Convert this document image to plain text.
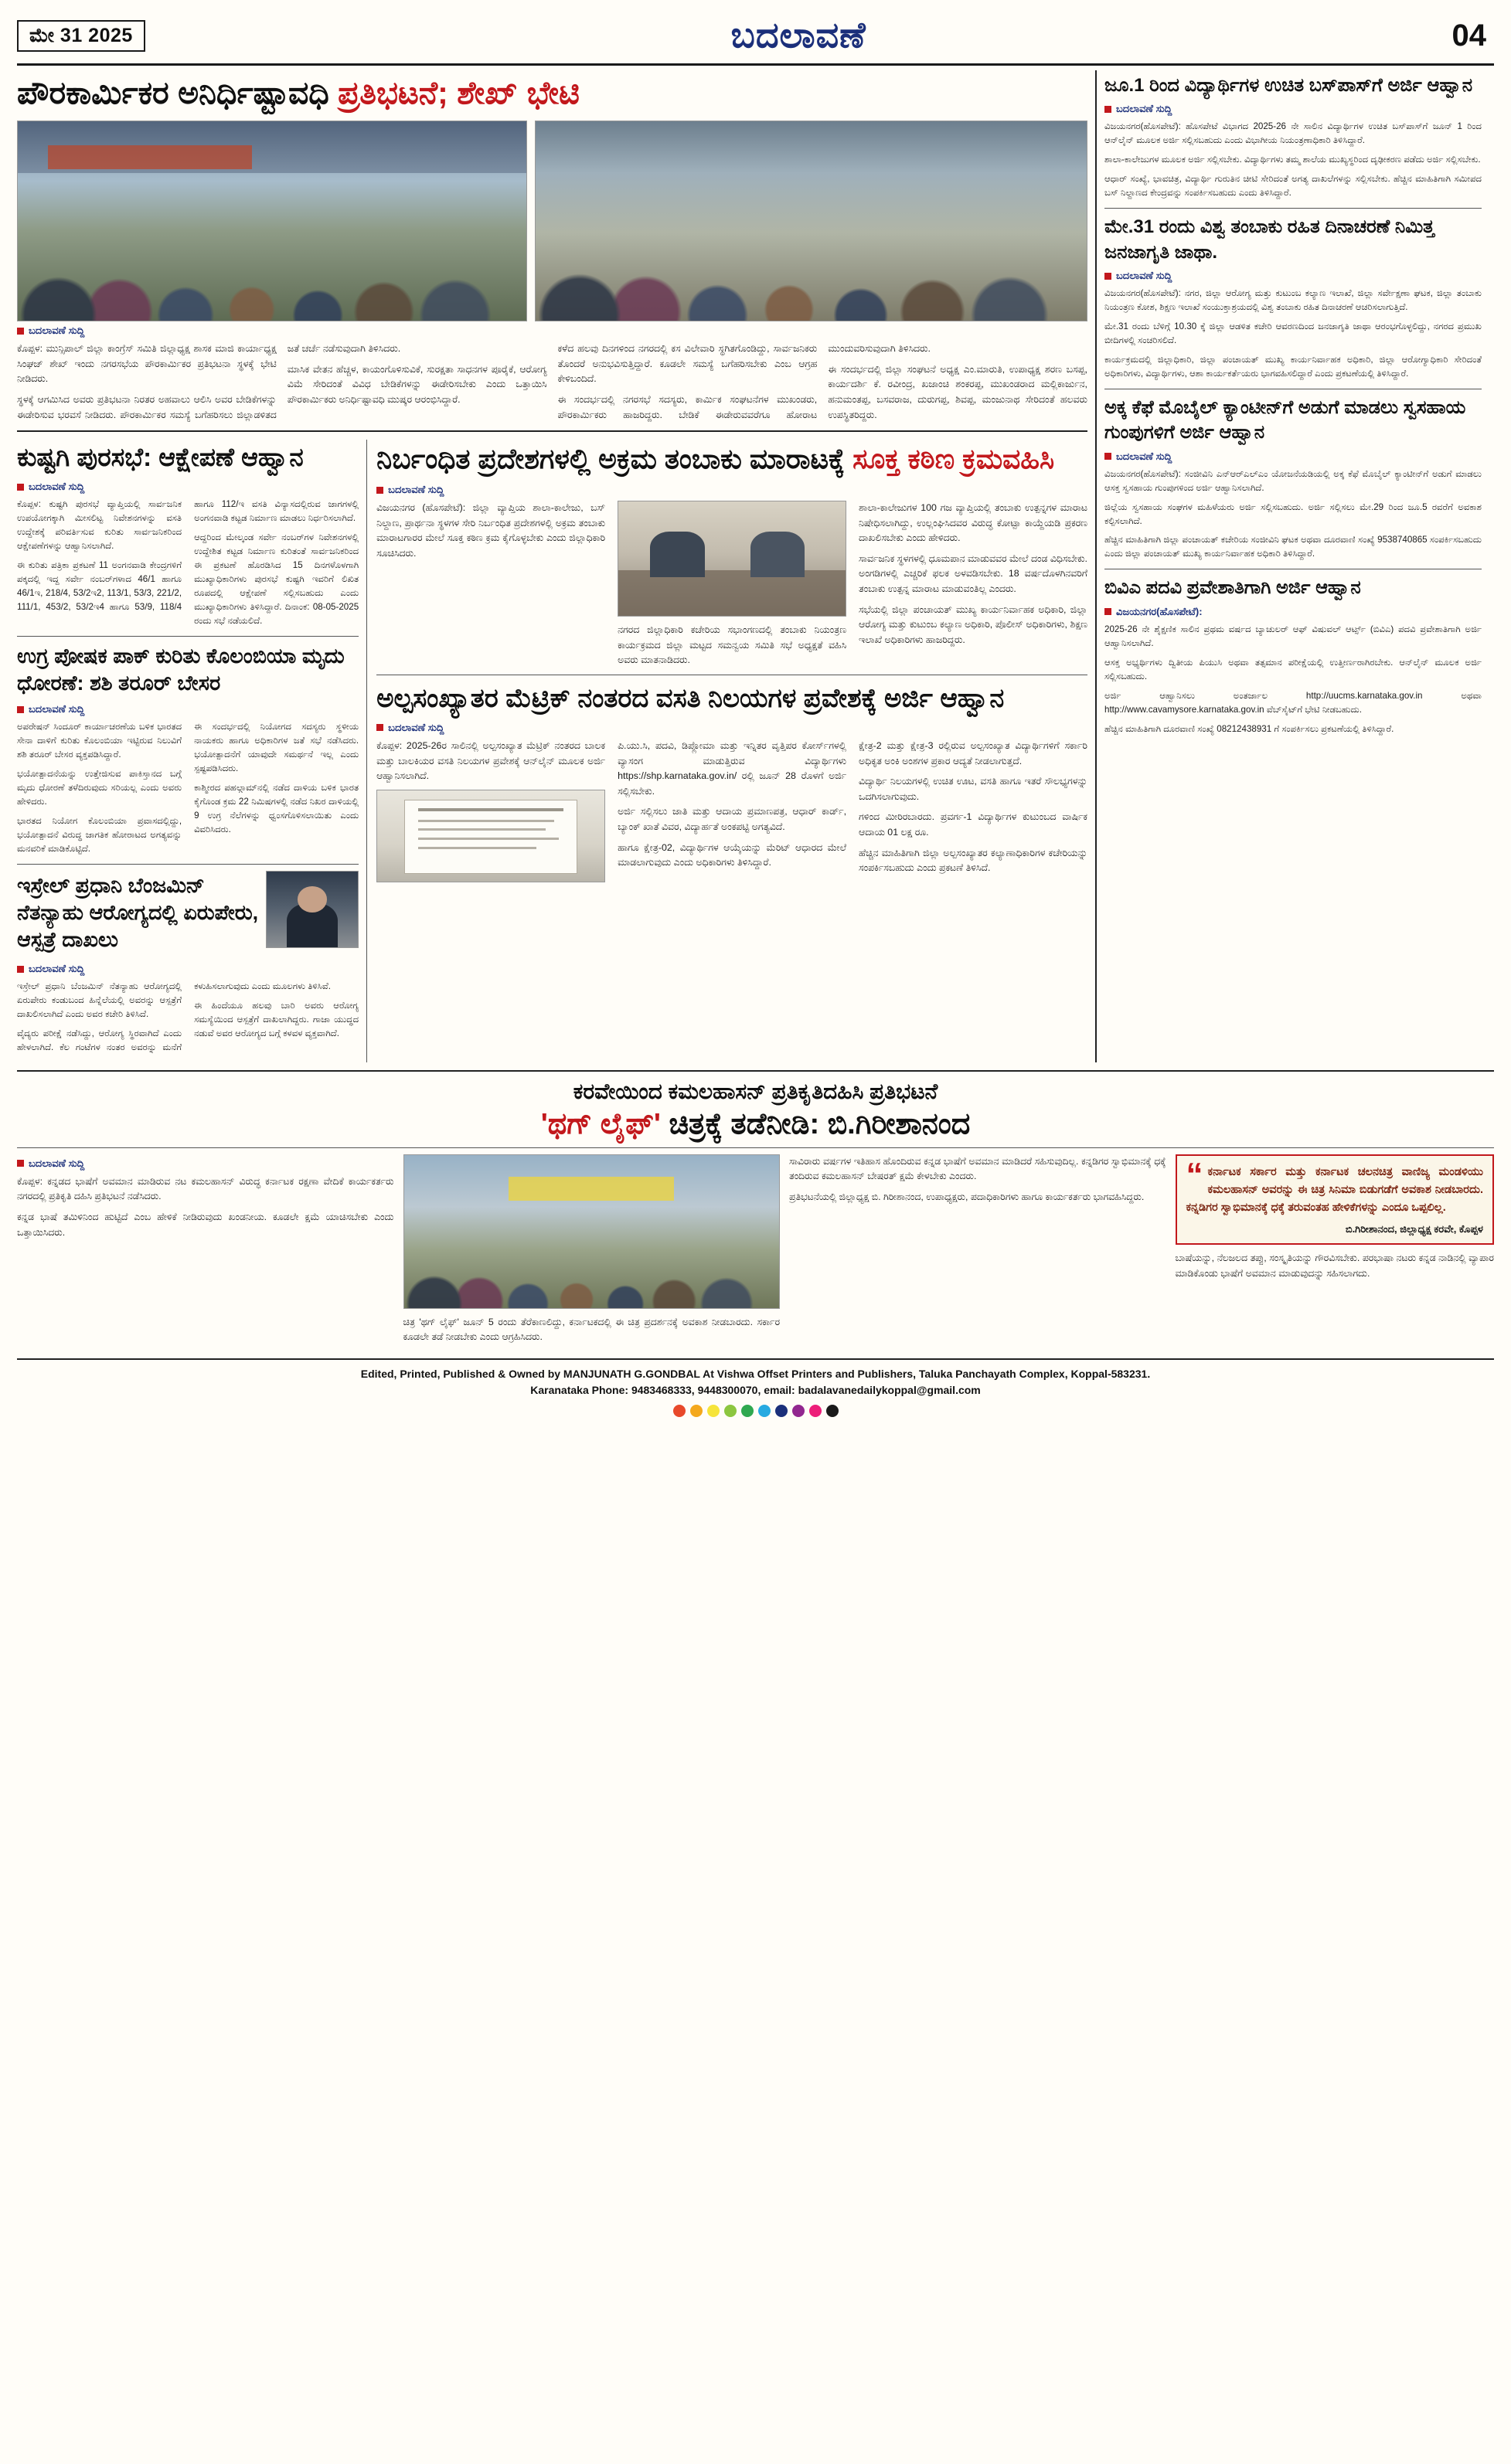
ಮೇ 31 2025	ಬದಲಾವಣೆ	04
ಪೌರಕಾರ್ಮಿಕರ ಅನಿರ್ಧಿಷ್ಟಾವಧಿ ಪ್ರತಿಭಟನೆ; ಶೇಖ್ ಭೇಟಿ
ಬದಲಾವಣೆ ಸುದ್ದಿ

ಕೊಪ್ಪಳ: ಮುನ್ಸಿಪಾಲ್ ಜಿಲ್ಲಾ ಕಾಂಗ್ರೆಸ್ ಸಮಿತಿ ಜಿಲ್ಲಾಧ್ಯಕ್ಷ ಶಾಸಕ ಮಾಜಿ ಕಾರ್ಯಾಧ್ಯಕ್ಷ ಸಿಂಘಜ್ ಶೇಖ್ ಇಂದು ನಗರಸಭೆಯ ಪೌರಕಾರ್ಮಿಕರ ಪ್ರತಿಭಟನಾ ಸ್ಥಳಕ್ಕೆ ಭೇಟಿ ನೀಡಿದರು.

ಸ್ಥಳಕ್ಕೆ ಆಗಮಿಸಿದ ಅವರು ಪ್ರತಿಭಟನಾ ನಿರತರ ಅಹವಾಲು ಆಲಿಸಿ ಅವರ ಬೇಡಿಕೆಗಳನ್ನು ಈಡೇರಿಸುವ ಭರವಸೆ ನೀಡಿದರು. ಪೌರಕಾರ್ಮಿಕರ ಸಮಸ್ಯೆ ಬಗೆಹರಿಸಲು ಜಿಲ್ಲಾಡಳಿತದ ಜತೆ ಚರ್ಚೆ ನಡೆಸುವುದಾಗಿ ತಿಳಿಸಿದರು.

ಮಾಸಿಕ ವೇತನ ಹೆಚ್ಚಳ, ಕಾಯಂಗೊಳಿಸುವಿಕೆ, ಸುರಕ್ಷತಾ ಸಾಧನಗಳ ಪೂರೈಕೆ, ಆರೋಗ್ಯ ವಿಮೆ ಸೇರಿದಂತೆ ವಿವಿಧ ಬೇಡಿಕೆಗಳನ್ನು ಈಡೇರಿಸಬೇಕು ಎಂದು ಒತ್ತಾಯಿಸಿ ಪೌರಕಾರ್ಮಿಕರು ಅನಿರ್ಧಿಷ್ಟಾವಧಿ ಮುಷ್ಕರ ಆರಂಭಿಸಿದ್ದಾರೆ.

ಕಳೆದ ಹಲವು ದಿನಗಳಿಂದ ನಗರದಲ್ಲಿ ಕಸ ವಿಲೇವಾರಿ ಸ್ಥಗಿತಗೊಂಡಿದ್ದು, ಸಾರ್ವಜನಿಕರು ತೊಂದರೆ ಅನುಭವಿಸುತ್ತಿದ್ದಾರೆ. ಕೂಡಲೇ ಸಮಸ್ಯೆ ಬಗೆಹರಿಸಬೇಕು ಎಂಬ ಆಗ್ರಹ ಕೇಳಿಬಂದಿದೆ.

ಈ ಸಂದರ್ಭದಲ್ಲಿ ನಗರಸಭೆ ಸದಸ್ಯರು, ಕಾರ್ಮಿಕ ಸಂಘಟನೆಗಳ ಮುಖಂಡರು, ಪೌರಕಾರ್ಮಿಕರು ಹಾಜರಿದ್ದರು. ಬೇಡಿಕೆ ಈಡೇರುವವರೆಗೂ ಹೋರಾಟ ಮುಂದುವರಿಸುವುದಾಗಿ ತಿಳಿಸಿದರು.

ಈ ಸಂದರ್ಭದಲ್ಲಿ ಜಿಲ್ಲಾ ಸಂಘಟನೆ ಅಧ್ಯಕ್ಷ ಎಂ.ಮಾರುತಿ, ಉಪಾಧ್ಯಕ್ಷ ಶರಣ ಬಸಪ್ಪ, ಕಾರ್ಯದರ್ಶಿ ಕೆ. ರವೀಂದ್ರ, ಖಜಾಂಚಿ ಶಂಕರಪ್ಪ, ಮುಖಂಡರಾದ ಮಲ್ಲಿಕಾರ್ಜುನ, ಹನುಮಂತಪ್ಪ, ಬಸವರಾಜ, ದುರುಗಪ್ಪ, ಶಿವಪ್ಪ, ಮಂಜುನಾಥ ಸೇರಿದಂತೆ ಹಲವರು ಉಪಸ್ಥಿತರಿದ್ದರು.

ಕುಷ್ಟಗಿ ಪುರಸಭೆ: ಆಕ್ಷೇಪಣೆ ಆಹ್ವಾನ
ಬದಲಾವಣೆ ಸುದ್ದಿ

ಕೊಪ್ಪಳ: ಕುಷ್ಟಗಿ ಪುರಸಭೆ ವ್ಯಾಪ್ತಿಯಲ್ಲಿ ಸಾರ್ವಜನಿಕ ಉಪಯೋಗಕ್ಕಾಗಿ ಮೀಸಲಿಟ್ಟ ನಿವೇಶನಗಳನ್ನು ವಸತಿ ಉದ್ದೇಶಕ್ಕೆ ಪರಿವರ್ತಿಸುವ ಕುರಿತು ಸಾರ್ವಜನಿಕರಿಂದ ಆಕ್ಷೇಪಣೆಗಳನ್ನು ಆಹ್ವಾನಿಸಲಾಗಿದೆ.

ಈ ಕುರಿತು ಪತ್ರಿಕಾ ಪ್ರಕಟಣೆ 11 ಅಂಗನವಾಡಿ ಕೇಂದ್ರಗಳಿಗೆ ಪಕ್ಕದಲ್ಲಿ ಇದ್ದ ಸರ್ವೇ ನಂಬರ್‌ಗಳಾದ 46/1 ಹಾಗೂ 46/1ಇ, 218/4, 53/2ಇ2, 113/1, 53/3, 221/2, 111/1, 453/2, 53/2ಇ4 ಹಾಗೂ 53/9, 118/4 ಹಾಗೂ 112/ಇ ವಸತಿ ವಿನ್ಯಾಸದಲ್ಲಿರುವ ಜಾಗಗಳಲ್ಲಿ ಅಂಗನವಾಡಿ ಕಟ್ಟಡ ನಿರ್ಮಾಣ ಮಾಡಲು ನಿರ್ಧರಿಸಲಾಗಿದೆ.

ಆದ್ದರಿಂದ ಮೇಲ್ಕಂಡ ಸರ್ವೇ ನಂಬರ್‌ಗಳ ನಿವೇಶನಗಳಲ್ಲಿ ಉದ್ದೇಶಿತ ಕಟ್ಟಡ ನಿರ್ಮಾಣ ಕುರಿತಂತೆ ಸಾರ್ವಜನಿಕರಿಂದ ಈ ಪ್ರಕಟಣೆ ಹೊರಡಿಸಿದ 15 ದಿನಗಳೊಳಗಾಗಿ ಮುಖ್ಯಾಧಿಕಾರಿಗಳು ಪುರಸಭೆ ಕುಷ್ಟಗಿ ಇವರಿಗೆ ಲಿಖಿತ ರೂಪದಲ್ಲಿ ಆಕ್ಷೇಪಣೆ ಸಲ್ಲಿಸಬಹುದು ಎಂದು ಮುಖ್ಯಾಧಿಕಾರಿಗಳು ತಿಳಿಸಿದ್ದಾರೆ. ದಿನಾಂಕ: 08-05-2025 ರಂದು ಸಭೆ ನಡೆಯಲಿದೆ.

ಉಗ್ರ ಪೋಷಕ ಪಾಕ್ ಕುರಿತು ಕೊಲಂಬಿಯಾ ಮೃದು ಧೋರಣೆ: ಶಶಿ ತರೂರ್ ಬೇಸರ
ಬದಲಾವಣೆ ಸುದ್ದಿ

ಅಪರೇಷನ್ ಸಿಂದೂರ್ ಕಾರ್ಯಾಚರಣೆಯ ಬಳಿಕ ಭಾರತದ ಸೇನಾ ದಾಳಿಗೆ ಕುರಿತು ಕೊಲಂಬಿಯಾ ಇಟ್ಟಿರುವ ನಿಲುವಿಗೆ ಶಶಿ ತರೂರ್ ಬೇಸರ ವ್ಯಕ್ತಪಡಿಸಿದ್ದಾರೆ.

ಭಯೋತ್ಪಾದನೆಯನ್ನು ಉತ್ತೇಜಿಸುವ ಪಾಕಿಸ್ತಾನದ ಬಗ್ಗೆ ಮೃದು ಧೋರಣೆ ತಳೆದಿರುವುದು ಸರಿಯಲ್ಲ ಎಂದು ಅವರು ಹೇಳಿದರು.

ಭಾರತದ ನಿಯೋಗ ಕೊಲಂಬಿಯಾ ಪ್ರವಾಸದಲ್ಲಿದ್ದು, ಭಯೋತ್ಪಾದನೆ ವಿರುದ್ಧ ಜಾಗತಿಕ ಹೋರಾಟದ ಅಗತ್ಯವನ್ನು ಮನವರಿಕೆ ಮಾಡಿಕೊಟ್ಟಿದೆ.

ಈ ಸಂದರ್ಭದಲ್ಲಿ ನಿಯೋಗದ ಸದಸ್ಯರು ಸ್ಥಳೀಯ ನಾಯಕರು ಹಾಗೂ ಅಧಿಕಾರಿಗಳ ಜತೆ ಸಭೆ ನಡೆಸಿದರು. ಭಯೋತ್ಪಾದನೆಗೆ ಯಾವುದೇ ಸಮರ್ಥನೆ ಇಲ್ಲ ಎಂದು ಸ್ಪಷ್ಟಪಡಿಸಿದರು.

ಕಾಶ್ಮೀರದ ಪಹಲ್ಗಾಮ್‌ನಲ್ಲಿ ನಡೆದ ದಾಳಿಯ ಬಳಿಕ ಭಾರತ ಕೈಗೊಂಡ ಕ್ರಮ 22 ನಿಮಿಷಗಳಲ್ಲಿ ನಡೆದ ನಿಖರ ದಾಳಿಯಲ್ಲಿ 9 ಉಗ್ರ ನೆಲೆಗಳನ್ನು ಧ್ವಂಸಗೊಳಿಸಲಾಯಿತು ಎಂದು ವಿವರಿಸಿದರು.

ಇಸ್ರೇಲ್ ಪ್ರಧಾನಿ ಬೆಂಜಮಿನ್ ನೆತನ್ಯಾಹು ಆರೋಗ್ಯದಲ್ಲಿ ಏರುಪೇರು, ಆಸ್ಪತ್ರೆ ದಾಖಲು
ಬದಲಾವಣೆ ಸುದ್ದಿ

ಇಸ್ರೇಲ್ ಪ್ರಧಾನಿ ಬೆಂಜಮಿನ್ ನೆತನ್ಯಾಹು ಆರೋಗ್ಯದಲ್ಲಿ ಏರುಪೇರು ಕಂಡುಬಂದ ಹಿನ್ನೆಲೆಯಲ್ಲಿ ಅವರನ್ನು ಆಸ್ಪತ್ರೆಗೆ ದಾಖಲಿಸಲಾಗಿದೆ ಎಂದು ಅವರ ಕಚೇರಿ ತಿಳಿಸಿದೆ.

ವೈದ್ಯರು ಪರೀಕ್ಷೆ ನಡೆಸಿದ್ದು, ಆರೋಗ್ಯ ಸ್ಥಿರವಾಗಿದೆ ಎಂದು ಹೇಳಲಾಗಿದೆ. ಕೆಲ ಗಂಟೆಗಳ ನಂತರ ಅವರನ್ನು ಮನೆಗೆ ಕಳುಹಿಸಲಾಗುವುದು ಎಂದು ಮೂಲಗಳು ತಿಳಿಸಿವೆ.

ಈ ಹಿಂದೆಯೂ ಹಲವು ಬಾರಿ ಅವರು ಆರೋಗ್ಯ ಸಮಸ್ಯೆಯಿಂದ ಆಸ್ಪತ್ರೆಗೆ ದಾಖಲಾಗಿದ್ದರು. ಗಾಜಾ ಯುದ್ಧದ ನಡುವೆ ಅವರ ಆರೋಗ್ಯದ ಬಗ್ಗೆ ಕಳವಳ ವ್ಯಕ್ತವಾಗಿದೆ.

ನಿರ್ಬಂಧಿತ ಪ್ರದೇಶಗಳಲ್ಲಿ ಅಕ್ರಮ ತಂಬಾಕು ಮಾರಾಟಕ್ಕೆ ಸೂಕ್ತ ಕಠಿಣ ಕ್ರಮವಹಿಸಿ
ಬದಲಾವಣೆ ಸುದ್ದಿ

ವಿಜಯನಗರ (ಹೊಸಪೇಟೆ): ಜಿಲ್ಲಾ ವ್ಯಾಪ್ತಿಯ ಶಾಲಾ-ಕಾಲೇಜು, ಬಸ್ ನಿಲ್ದಾಣ, ಪ್ರಾರ್ಥನಾ ಸ್ಥಳಗಳ ಸೇರಿ ನಿರ್ಬಂಧಿತ ಪ್ರದೇಶಗಳಲ್ಲಿ ಅಕ್ರಮ ತಂಬಾಕು ಮಾರಾಟಗಾರರ ಮೇಲೆ ಸೂಕ್ತ ಕಠಿಣ ಕ್ರಮ ಕೈಗೊಳ್ಳಬೇಕು ಎಂದು ಜಿಲ್ಲಾಧಿಕಾರಿ ಸೂಚಿಸಿದರು.

ನಗರದ ಜಿಲ್ಲಾಧಿಕಾರಿ ಕಚೇರಿಯ ಸಭಾಂಗಣದಲ್ಲಿ ತಂಬಾಕು ನಿಯಂತ್ರಣ ಕಾರ್ಯಕ್ರಮದ ಜಿಲ್ಲಾ ಮಟ್ಟದ ಸಮನ್ವಯ ಸಮಿತಿ ಸಭೆ ಅಧ್ಯಕ್ಷತೆ ವಹಿಸಿ ಅವರು ಮಾತನಾಡಿದರು.

ಶಾಲಾ-ಕಾಲೇಜುಗಳ 100 ಗಜ ವ್ಯಾಪ್ತಿಯಲ್ಲಿ ತಂಬಾಕು ಉತ್ಪನ್ನಗಳ ಮಾರಾಟ ನಿಷೇಧಿಸಲಾಗಿದ್ದು, ಉಲ್ಲಂಘಿಸಿದವರ ವಿರುದ್ಧ ಕೋಟ್ಪಾ ಕಾಯ್ದೆಯಡಿ ಪ್ರಕರಣ ದಾಖಲಿಸಬೇಕು ಎಂದು ಹೇಳಿದರು.

ಸಾರ್ವಜನಿಕ ಸ್ಥಳಗಳಲ್ಲಿ ಧೂಮಪಾನ ಮಾಡುವವರ ಮೇಲೆ ದಂಡ ವಿಧಿಸಬೇಕು. ಅಂಗಡಿಗಳಲ್ಲಿ ಎಚ್ಚರಿಕೆ ಫಲಕ ಅಳವಡಿಸಬೇಕು. 18 ವರ್ಷದೊಳಗಿನವರಿಗೆ ತಂಬಾಕು ಉತ್ಪನ್ನ ಮಾರಾಟ ಮಾಡುವಂತಿಲ್ಲ ಎಂದರು.

ಸಭೆಯಲ್ಲಿ ಜಿಲ್ಲಾ ಪಂಚಾಯತ್ ಮುಖ್ಯ ಕಾರ್ಯನಿರ್ವಾಹಕ ಅಧಿಕಾರಿ, ಜಿಲ್ಲಾ ಆರೋಗ್ಯ ಮತ್ತು ಕುಟುಂಬ ಕಲ್ಯಾಣ ಅಧಿಕಾರಿ, ಪೊಲೀಸ್ ಅಧಿಕಾರಿಗಳು, ಶಿಕ್ಷಣ ಇಲಾಖೆ ಅಧಿಕಾರಿಗಳು ಹಾಜರಿದ್ದರು.

ಅಲ್ಪಸಂಖ್ಯಾತರ ಮೆಟ್ರಿಕ್ ನಂತರದ ವಸತಿ ನಿಲಯಗಳ ಪ್ರವೇಶಕ್ಕೆ ಅರ್ಜಿ ಆಹ್ವಾನ
ಬದಲಾವಣೆ ಸುದ್ದಿ

ಕೊಪ್ಪಳ: 2025-26ರ ಸಾಲಿನಲ್ಲಿ ಅಲ್ಪಸಂಖ್ಯಾತ ಮೆಟ್ರಿಕ್ ನಂತರದ ಬಾಲಕ ಮತ್ತು ಬಾಲಕಿಯರ ವಸತಿ ನಿಲಯಗಳ ಪ್ರವೇಶಕ್ಕೆ ಆನ್‌ಲೈನ್ ಮೂಲಕ ಅರ್ಜಿ ಆಹ್ವಾನಿಸಲಾಗಿದೆ.

ಪಿ.ಯು.ಸಿ, ಪದವಿ, ಡಿಪ್ಲೋಮಾ ಮತ್ತು ಇನ್ನಿತರ ವೃತ್ತಿಪರ ಕೋರ್ಸ್‌ಗಳಲ್ಲಿ ವ್ಯಾಸಂಗ ಮಾಡುತ್ತಿರುವ ವಿದ್ಯಾರ್ಥಿಗಳು https://shp.karnataka.gov.in/ ರಲ್ಲಿ ಜೂನ್ 28 ರೊಳಗೆ ಅರ್ಜಿ ಸಲ್ಲಿಸಬೇಕು.

ಅರ್ಜಿ ಸಲ್ಲಿಸಲು ಜಾತಿ ಮತ್ತು ಆದಾಯ ಪ್ರಮಾಣಪತ್ರ, ಆಧಾರ್ ಕಾರ್ಡ್, ಬ್ಯಾಂಕ್ ಖಾತೆ ವಿವರ, ವಿದ್ಯಾರ್ಹತೆ ಅಂಕಪಟ್ಟಿ ಅಗತ್ಯವಿದೆ.

ಹಾಗೂ ಕ್ಷೇತ್ರ-02, ವಿದ್ಯಾರ್ಥಿಗಳ ಆಯ್ಕೆಯನ್ನು ಮೆರಿಟ್ ಆಧಾರದ ಮೇಲೆ ಮಾಡಲಾಗುವುದು ಎಂದು ಅಧಿಕಾರಿಗಳು ತಿಳಿಸಿದ್ದಾರೆ.

ಕ್ಷೇತ್ರ-2 ಮತ್ತು ಕ್ಷೇತ್ರ-3 ರಲ್ಲಿರುವ ಅಲ್ಪಸಂಖ್ಯಾತ ವಿದ್ಯಾರ್ಥಿಗಳಿಗೆ ಸರ್ಕಾರಿ ಅಧಿಕೃತ ಅಂಕಿ ಅಂಶಗಳ ಪ್ರಕಾರ ಆದ್ಯತೆ ನೀಡಲಾಗುತ್ತದೆ.

ವಿದ್ಯಾರ್ಥಿ ನಿಲಯಗಳಲ್ಲಿ ಉಚಿತ ಊಟ, ವಸತಿ ಹಾಗೂ ಇತರೆ ಸೌಲಭ್ಯಗಳನ್ನು ಒದಗಿಸಲಾಗುವುದು.

ಗಳಿಂದ ಮೀರಿರಬಾರದು. ಪ್ರವರ್ಗ-1 ವಿದ್ಯಾರ್ಥಿಗಳ ಕುಟುಂಬದ ವಾರ್ಷಿಕ ಆದಾಯ 01 ಲಕ್ಷ ರೂ.

ಹೆಚ್ಚಿನ ಮಾಹಿತಿಗಾಗಿ ಜಿಲ್ಲಾ ಅಲ್ಪಸಂಖ್ಯಾತರ ಕಲ್ಯಾಣಾಧಿಕಾರಿಗಳ ಕಚೇರಿಯನ್ನು ಸಂಪರ್ಕಿಸಬಹುದು ಎಂದು ಪ್ರಕಟಣೆ ತಿಳಿಸಿದೆ.

ಜೂ.1 ರಿಂದ ವಿದ್ಯಾರ್ಥಿಗಳ ಉಚಿತ ಬಸ್‌ಪಾಸ್‌ಗೆ ಅರ್ಜಿ ಆಹ್ವಾನ
ಬದಲಾವಣೆ ಸುದ್ದಿ

ವಿಜಯನಗರ(ಹೊಸಪೇಟೆ): ಹೊಸಪೇಟೆ ವಿಭಾಗದ 2025-26 ನೇ ಸಾಲಿನ ವಿದ್ಯಾರ್ಥಿಗಳ ಉಚಿತ ಬಸ್‌ಪಾಸ್‌ಗೆ ಜೂನ್ 1 ರಿಂದ ಆನ್‌ಲೈನ್ ಮೂಲಕ ಅರ್ಜಿ ಸಲ್ಲಿಸಬಹುದು ಎಂದು ವಿಭಾಗೀಯ ನಿಯಂತ್ರಣಾಧಿಕಾರಿ ತಿಳಿಸಿದ್ದಾರೆ.

ಶಾಲಾ-ಕಾಲೇಜುಗಳ ಮೂಲಕ ಅರ್ಜಿ ಸಲ್ಲಿಸಬೇಕು. ವಿದ್ಯಾರ್ಥಿಗಳು ತಮ್ಮ ಶಾಲೆಯ ಮುಖ್ಯಸ್ಥರಿಂದ ದೃಢೀಕರಣ ಪಡೆದು ಅರ್ಜಿ ಸಲ್ಲಿಸಬೇಕು.

ಆಧಾರ್ ಸಂಖ್ಯೆ, ಭಾವಚಿತ್ರ, ವಿದ್ಯಾರ್ಥಿ ಗುರುತಿನ ಚೀಟಿ ಸೇರಿದಂತೆ ಅಗತ್ಯ ದಾಖಲೆಗಳನ್ನು ಸಲ್ಲಿಸಬೇಕು. ಹೆಚ್ಚಿನ ಮಾಹಿತಿಗಾಗಿ ಸಮೀಪದ ಬಸ್ ನಿಲ್ದಾಣದ ಕೇಂದ್ರವನ್ನು ಸಂಪರ್ಕಿಸಬಹುದು ಎಂದು ತಿಳಿಸಿದ್ದಾರೆ.

ಮೇ.31 ರಂದು ವಿಶ್ವ ತಂಬಾಕು ರಹಿತ ದಿನಾಚರಣೆ ನಿಮಿತ್ತ ಜನಜಾಗೃತಿ ಜಾಥಾ.
ಬದಲಾವಣೆ ಸುದ್ದಿ

ವಿಜಯನಗರ(ಹೊಸಪೇಟೆ): ನಗರ, ಜಿಲ್ಲಾ ಆರೋಗ್ಯ ಮತ್ತು ಕುಟುಂಬ ಕಲ್ಯಾಣ ಇಲಾಖೆ, ಜಿಲ್ಲಾ ಸರ್ವೇಕ್ಷಣಾ ಘಟಕ, ಜಿಲ್ಲಾ ತಂಬಾಕು ನಿಯಂತ್ರಣ ಕೋಶ, ಶಿಕ್ಷಣ ಇಲಾಖೆ ಸಂಯುಕ್ತಾಶ್ರಯದಲ್ಲಿ ವಿಶ್ವ ತಂಬಾಕು ರಹಿತ ದಿನಾಚರಣೆ ಆಚರಿಸಲಾಗುತ್ತಿದೆ.

ಮೇ.31 ರಂದು ಬೆಳಿಗ್ಗೆ 10.30 ಕ್ಕೆ ಜಿಲ್ಲಾ ಆಡಳಿತ ಕಚೇರಿ ಆವರಣದಿಂದ ಜನಜಾಗೃತಿ ಜಾಥಾ ಆರಂಭಗೊಳ್ಳಲಿದ್ದು, ನಗರದ ಪ್ರಮುಖ ಬೀದಿಗಳಲ್ಲಿ ಸಂಚರಿಸಲಿದೆ.

ಕಾರ್ಯಕ್ರಮದಲ್ಲಿ ಜಿಲ್ಲಾಧಿಕಾರಿ, ಜಿಲ್ಲಾ ಪಂಚಾಯತ್ ಮುಖ್ಯ ಕಾರ್ಯನಿರ್ವಾಹಕ ಅಧಿಕಾರಿ, ಜಿಲ್ಲಾ ಆರೋಗ್ಯಾಧಿಕಾರಿ ಸೇರಿದಂತೆ ಅಧಿಕಾರಿಗಳು, ವಿದ್ಯಾರ್ಥಿಗಳು, ಆಶಾ ಕಾರ್ಯಕರ್ತೆಯರು ಭಾಗವಹಿಸಲಿದ್ದಾರೆ ಎಂದು ಪ್ರಕಟಣೆಯಲ್ಲಿ ತಿಳಿಸಿದ್ದಾರೆ.

ಅಕ್ಕ ಕೆಫೆ ಮೊಬೈಲ್ ಕ್ಯಾಂಟೀನ್‌ಗೆ ಅಡುಗೆ ಮಾಡಲು ಸ್ವಸಹಾಯ ಗುಂಪುಗಳಿಗೆ ಅರ್ಜಿ ಆಹ್ವಾನ
ಬದಲಾವಣೆ ಸುದ್ದಿ

ವಿಜಯನಗರ(ಹೊಸಪೇಟೆ): ಸಂಜೀವಿನಿ ಎನ್‌ಆರ್‌ಎಲ್‌ಎಂ ಯೋಜನೆಯಡಿಯಲ್ಲಿ ಅಕ್ಕ ಕೆಫೆ ಮೊಬೈಲ್ ಕ್ಯಾಂಟೀನ್‌ಗೆ ಅಡುಗೆ ಮಾಡಲು ಆಸಕ್ತ ಸ್ವಸಹಾಯ ಗುಂಪುಗಳಿಂದ ಅರ್ಜಿ ಆಹ್ವಾನಿಸಲಾಗಿದೆ.

ಜಿಲ್ಲೆಯ ಸ್ವಸಹಾಯ ಸಂಘಗಳ ಮಹಿಳೆಯರು ಅರ್ಜಿ ಸಲ್ಲಿಸಬಹುದು. ಅರ್ಜಿ ಸಲ್ಲಿಸಲು ಮೇ.29 ರಿಂದ ಜೂ.5 ರವರೆಗೆ ಅವಕಾಶ ಕಲ್ಪಿಸಲಾಗಿದೆ.

ಹೆಚ್ಚಿನ ಮಾಹಿತಿಗಾಗಿ ಜಿಲ್ಲಾ ಪಂಚಾಯತ್ ಕಚೇರಿಯ ಸಂಜೀವಿನಿ ಘಟಕ ಅಥವಾ ದೂರವಾಣಿ ಸಂಖ್ಯೆ 9538740865 ಸಂಪರ್ಕಿಸಬಹುದು ಎಂದು ಜಿಲ್ಲಾ ಪಂಚಾಯತ್ ಮುಖ್ಯ ಕಾರ್ಯನಿರ್ವಾಹಕ ಅಧಿಕಾರಿ ತಿಳಿಸಿದ್ದಾರೆ.

ಬಿವಿಎ ಪದವಿ ಪ್ರವೇಶಾತಿಗಾಗಿ ಅರ್ಜಿ ಆಹ್ವಾನ
ವಿಜಯನಗರ(ಹೊಸಪೇಟೆ):

2025-26 ನೇ ಶೈಕ್ಷಣಿಕ ಸಾಲಿನ ಪ್ರಥಮ ವರ್ಷದ ಬ್ಯಾಚುಲರ್ ಆಫ್ ವಿಷುವಲ್ ಆರ್ಟ್ಸ್ (ಬಿವಿಎ) ಪದವಿ ಪ್ರವೇಶಾತಿಗಾಗಿ ಅರ್ಜಿ ಆಹ್ವಾನಿಸಲಾಗಿದೆ.

ಆಸಕ್ತ ಅಭ್ಯರ್ಥಿಗಳು ದ್ವಿತೀಯ ಪಿಯುಸಿ ಅಥವಾ ತತ್ಸಮಾನ ಪರೀಕ್ಷೆಯಲ್ಲಿ ಉತ್ತೀರ್ಣರಾಗಿರಬೇಕು. ಆನ್‌ಲೈನ್ ಮೂಲಕ ಅರ್ಜಿ ಸಲ್ಲಿಸಬಹುದು.

ಅರ್ಜಿ ಆಹ್ವಾನಿಸಲು ಅಂತರ್ಜಾಲ http://uucms.karnataka.gov.in ಅಥವಾ http://www.cavamysore.karnataka.gov.in ವೆಬ್‌ಸೈಟ್‌ಗೆ ಭೇಟಿ ನೀಡಬಹುದು.

ಹೆಚ್ಚಿನ ಮಾಹಿತಿಗಾಗಿ ದೂರವಾಣಿ ಸಂಖ್ಯೆ 08212438931 ಗೆ ಸಂಪರ್ಕಿಸಲು ಪ್ರಕಟಣೆಯಲ್ಲಿ ತಿಳಿಸಿದ್ದಾರೆ.

ಕರವೇಯಿಂದ ಕಮಲಹಾಸನ್ ಪ್ರತಿಕೃತಿದಹಿಸಿ ಪ್ರತಿಭಟನೆ
'ಥಗ್ ಲೈಫ್' ಚಿತ್ರಕ್ಕೆ ತಡೆನೀಡಿ: ಬಿ.ಗಿರೀಶಾನಂದ
ಬದಲಾವಣೆ ಸುದ್ದಿ

ಕೊಪ್ಪಳ: ಕನ್ನಡದ ಭಾಷೆಗೆ ಅವಮಾನ ಮಾಡಿರುವ ನಟ ಕಮಲಹಾಸನ್ ವಿರುದ್ಧ ಕರ್ನಾಟಕ ರಕ್ಷಣಾ ವೇದಿಕೆ ಕಾರ್ಯಕರ್ತರು ನಗರದಲ್ಲಿ ಪ್ರತಿಕೃತಿ ದಹಿಸಿ ಪ್ರತಿಭಟನೆ ನಡೆಸಿದರು.

ಕನ್ನಡ ಭಾಷೆ ತಮಿಳಿನಿಂದ ಹುಟ್ಟಿದೆ ಎಂಬ ಹೇಳಿಕೆ ನೀಡಿರುವುದು ಖಂಡನೀಯ. ಕೂಡಲೇ ಕ್ಷಮೆ ಯಾಚಿಸಬೇಕು ಎಂದು ಒತ್ತಾಯಿಸಿದರು.

ಚಿತ್ರ 'ಥಗ್ ಲೈಫ್' ಜೂನ್ 5 ರಂದು ತೆರೆಕಾಣಲಿದ್ದು, ಕರ್ನಾಟಕದಲ್ಲಿ ಈ ಚಿತ್ರ ಪ್ರದರ್ಶನಕ್ಕೆ ಅವಕಾಶ ನೀಡಬಾರದು. ಸರ್ಕಾರ ಕೂಡಲೇ ತಡೆ ನೀಡಬೇಕು ಎಂದು ಆಗ್ರಹಿಸಿದರು.

ಸಾವಿರಾರು ವರ್ಷಗಳ ಇತಿಹಾಸ ಹೊಂದಿರುವ ಕನ್ನಡ ಭಾಷೆಗೆ ಅವಮಾನ ಮಾಡಿದರೆ ಸಹಿಸುವುದಿಲ್ಲ. ಕನ್ನಡಿಗರ ಸ್ವಾಭಿಮಾನಕ್ಕೆ ಧಕ್ಕೆ ತಂದಿರುವ ಕಮಲಹಾಸನ್ ಬೇಷರತ್ ಕ್ಷಮೆ ಕೇಳಬೇಕು ಎಂದರು.

ಪ್ರತಿಭಟನೆಯಲ್ಲಿ ಜಿಲ್ಲಾಧ್ಯಕ್ಷ ಬಿ. ಗಿರೀಶಾನಂದ, ಉಪಾಧ್ಯಕ್ಷರು, ಪದಾಧಿಕಾರಿಗಳು ಹಾಗೂ ಕಾರ್ಯಕರ್ತರು ಭಾಗವಹಿಸಿದ್ದರು.

“ ಕರ್ನಾಟಕ ಸರ್ಕಾರ ಮತ್ತು ಕರ್ನಾಟಕ ಚಲನಚಿತ್ರ ವಾಣಿಜ್ಯ ಮಂಡಳಿಯು ಕಮಲಹಾಸನ್ ಅವರನ್ನು ಈ ಚಿತ್ರ ಸಿನಿಮಾ ಬಿಡುಗಡೆಗೆ ಅವಕಾಶ ನೀಡಬಾರದು. ಕನ್ನಡಿಗರ ಸ್ವಾಭಿಮಾನಕ್ಕೆ ಧಕ್ಕೆ ತರುವಂತಹ ಹೇಳಿಕೆಗಳನ್ನು ಎಂದೂ ಒಪ್ಪಲಿಲ್ಲ.
ಬಿ.ಗಿರೀಶಾನಂದ, ಜಿಲ್ಲಾಧ್ಯಕ್ಷ ಕರವೇ, ಕೊಪ್ಪಳ

ಬಾಷೆಯನ್ನು, ನೆಲಜಲದ ತಪ್ಪು, ಸಂಸ್ಕೃತಿಯನ್ನು ಗೌರವಿಸಬೇಕು. ಪರಭಾಷಾ ನಟರು ಕನ್ನಡ ನಾಡಿನಲ್ಲಿ ವ್ಯಾಪಾರ ಮಾಡಿಕೊಂಡು ಭಾಷೆಗೆ ಅವಮಾನ ಮಾಡುವುದನ್ನು ಸಹಿಸಲಾಗದು.

Edited, Printed, Published & Owned by MANJUNATH G.GONDBAL At Vishwa Offset Printers and Publishers, Taluka Panchayath Complex, Koppal-583231.
Karanataka Phone: 9483468333, 9448300070, email: badalavanedailykoppal@gmail.com
